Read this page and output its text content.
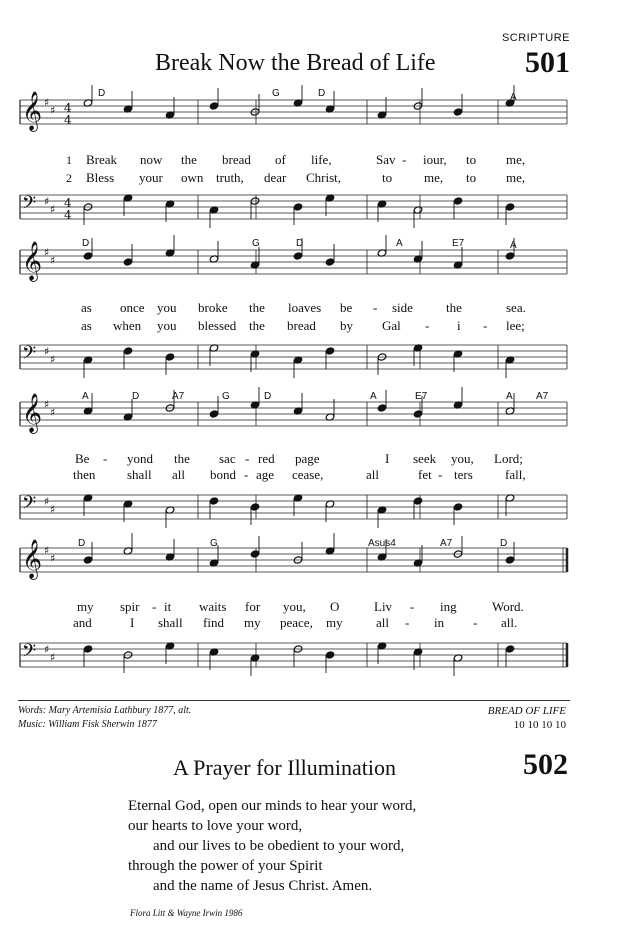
SCRIPTURE
Break Now the Bread of Life	501
𝄞 ♯
♯ 4
4
𝄢 ♯
♯ 4
4
𝄞 ♯
♯
𝄢 ♯
♯
𝄞 ♯
♯
𝄢 ♯
♯
𝄞 ♯
♯
𝄢 ♯
♯
D	G	D	A
1
2
Break now the bread of life,	Sav - iour, to me,
Bless your own truth, dear Christ,	to me, to me,
D	G	D	A	E7	A
as once you broke the loaves be - side	the	sea.
as when you blessed the bread by Gal - i - lee;
A	D	A7	G	D	A	E7	A A7
Be - yond the sac - red page	I seek you, Lord;
then shall all bond - age cease,	all	fet - ters fall,
D	G	Asus4	A7	D
my spir - it waits for you, O	Liv - ing	Word.
and	I shall find my peace, my	all - in - all.
Words: Mary Artemisia Lathbury 1877, alt.
Music: William Fisk Sherwin 1877
BREAD OF LIFE
10 10 10 10
A Prayer for Illumination	502
Eternal God, open our minds to hear your word,
our hearts to love your word,
and our lives to be obedient to your word,
through the power of your Spirit
and the name of Jesus Christ. Amen.
Flora Litt & Wayne Irwin 1986
